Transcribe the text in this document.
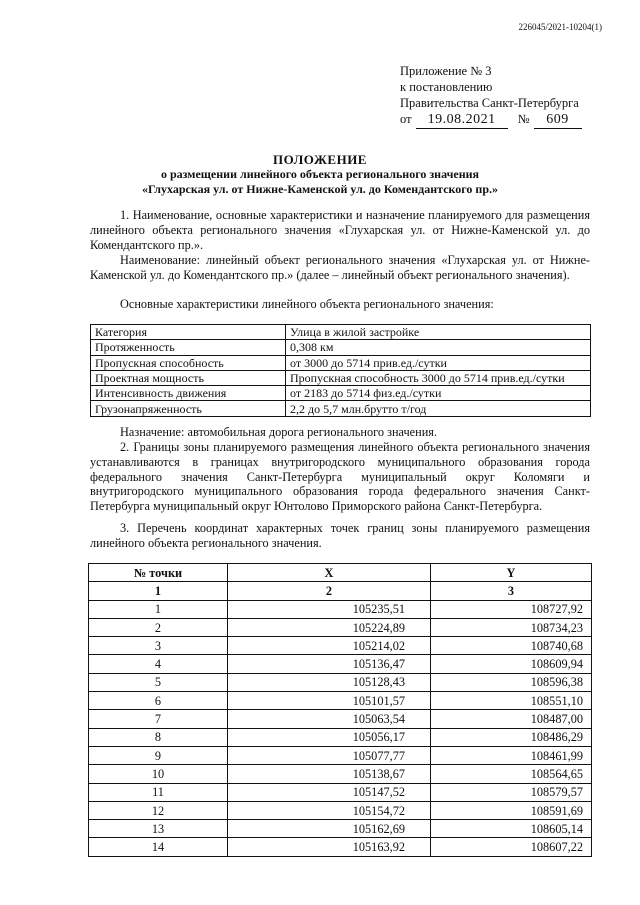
226045/2021-10204(1)
Приложение № 3
к постановлению
Правительства Санкт-Петербурга
от	19.08.2021	№	609
ПОЛОЖЕНИЕ
о размещении линейного объекта регионального значения
«Глухарская ул. от Нижне-Каменской ул. до Комендантского пр.»
1. Наименование, основные характеристики и назначение планируемого для размещения линейного объекта регионального значения «Глухарская ул. от Нижне-Каменской ул. до Комендантского пр.».
Наименование: линейный объект регионального значения «Глухарская ул. от Нижне-Каменской ул. до Комендантского пр.» (далее – линейный объект регионального значения).
Основные характеристики линейного объекта регионального значения:
Категория	Улица в жилой застройке
Протяженность	0,308 км
Пропускная способность	от 3000 до 5714 прив.ед./сутки
Проектная мощность	Пропускная способность 3000 до 5714 прив.ед./сутки
Интенсивность движения	от 2183 до 5714 физ.ед./сутки
Грузонапряженность	2,2 до 5,7 млн.брутто т/год
Назначение: автомобильная дорога регионального значения.
2. Границы зоны планируемого размещения линейного объекта регионального значения устанавливаются в границах внутригородского муниципального образования города федерального значения Санкт-Петербурга муниципальный округ Коломяги и внутригородского муниципального образования города федерального значения Санкт-Петербурга муниципальный округ Юнтолово Приморского района Санкт-Петербурга.
3. Перечень координат характерных точек границ зоны планируемого размещения линейного объекта регионального значения.
№ точки	X	Y
1	2	3
1	105235,51	108727,92
2	105224,89	108734,23
3	105214,02	108740,68
4	105136,47	108609,94
5	105128,43	108596,38
6	105101,57	108551,10
7	105063,54	108487,00
8	105056,17	108486,29
9	105077,77	108461,99
10	105138,67	108564,65
11	105147,52	108579,57
12	105154,72	108591,69
13	105162,69	108605,14
14	105163,92	108607,22
